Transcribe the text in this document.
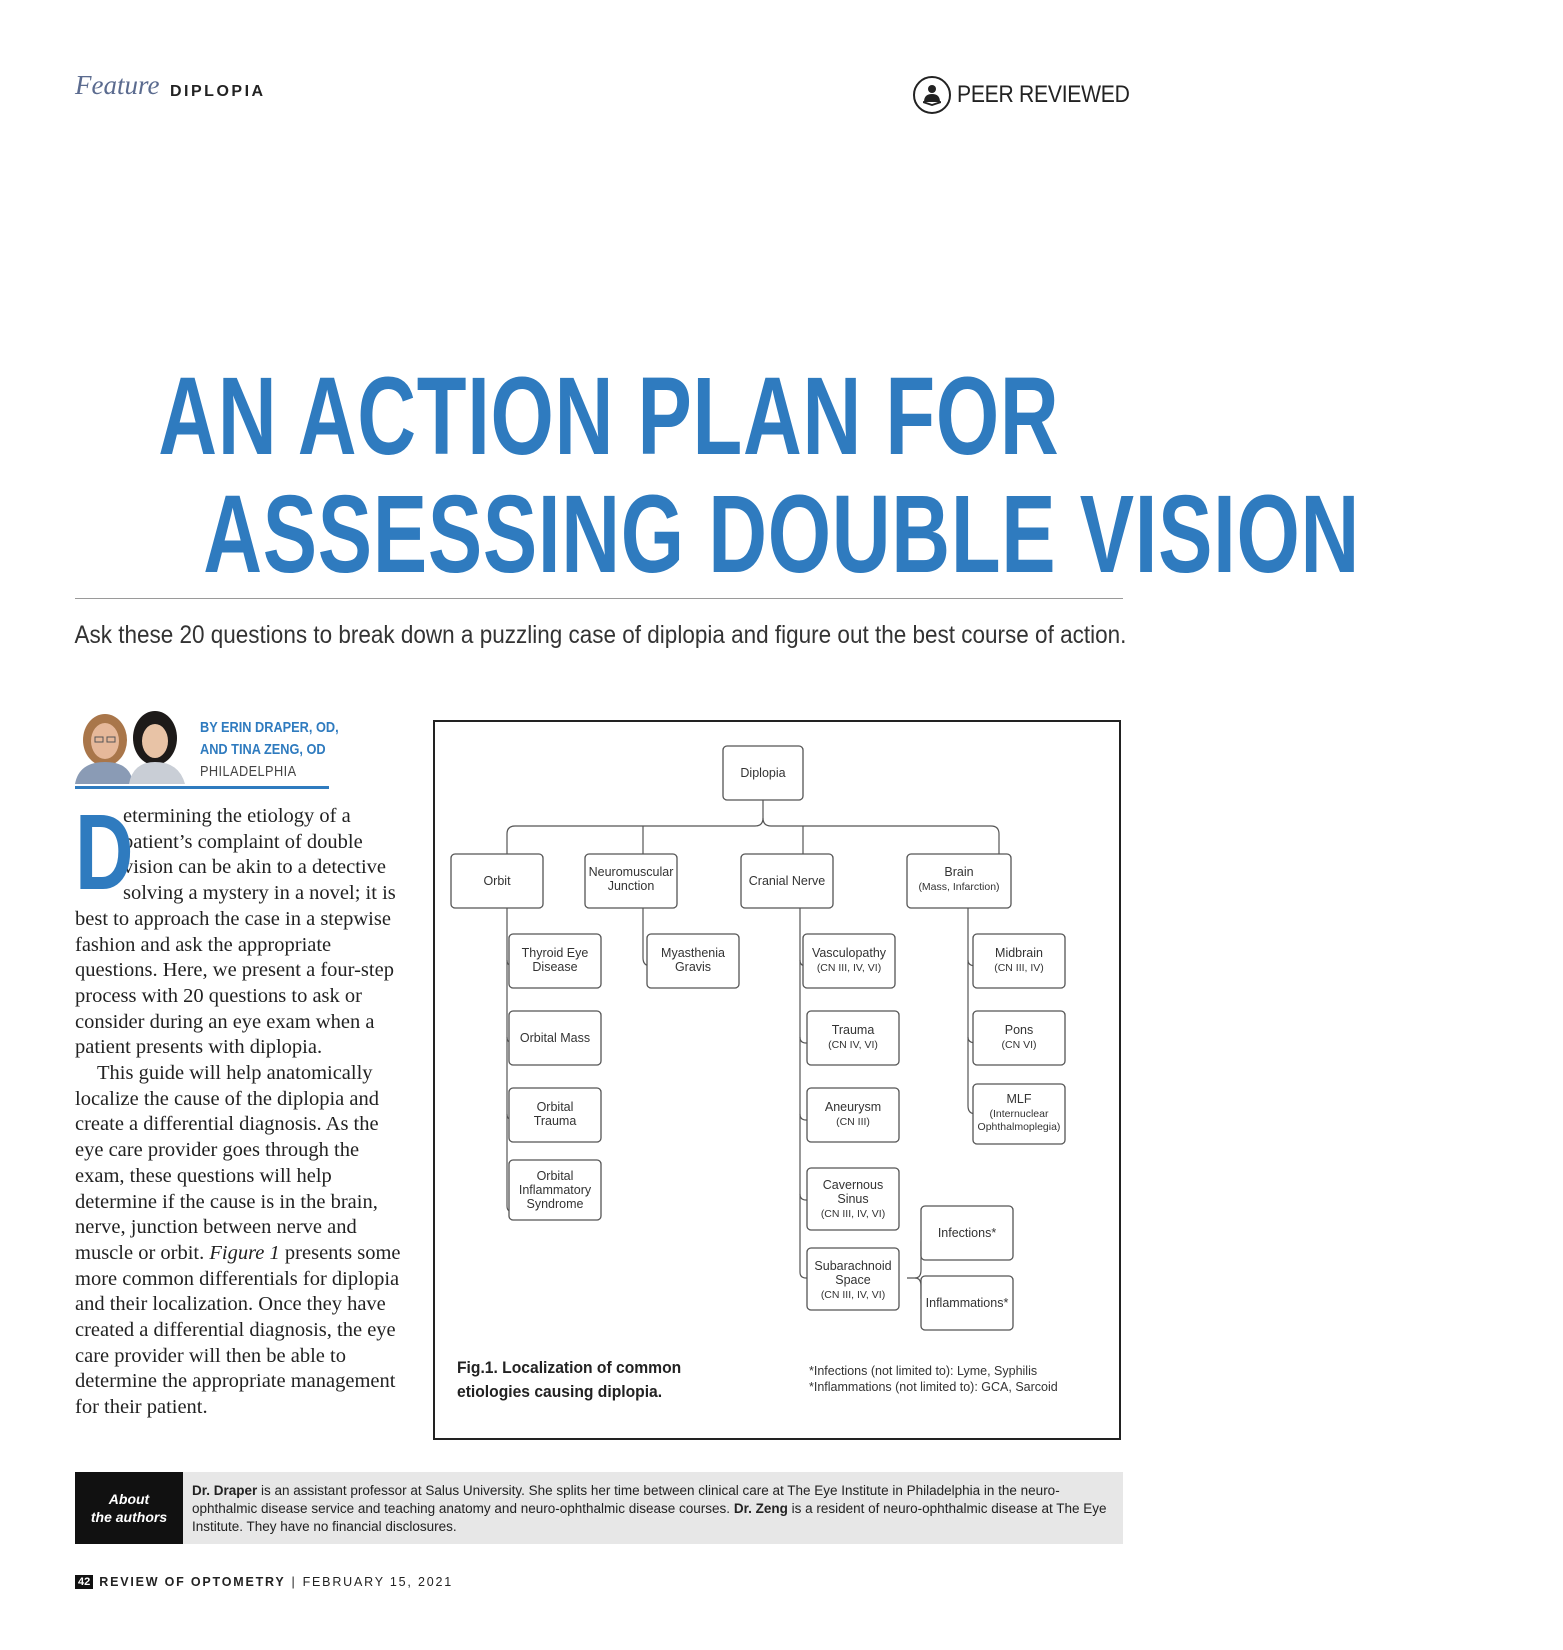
Feature DIPLOPIA	PEER REVIEWED
AN ACTION PLAN FOR
ASSESSING DOUBLE VISION
Ask these 20 questions to break down a puzzling case of diplopia and figure out the best course of action.
BY ERIN DRAPER, OD,
AND TINA ZENG, OD
PHILADELPHIA

D
etermining the etiology of a patient’s complaint of double vision can be akin to a detective solving a mystery in a novel; it is best to approach the case in a stepwise fashion and ask the appropriate questions. Here, we present a four-step process with 20 questions to ask or consider during an eye exam when a patient presents with diplopia.

This guide will help anatomically localize the cause of the diplopia and create a differential diagnosis. As the eye care provider goes through the exam, these questions will help determine if the cause is in the brain, nerve, junction between nerve and muscle or orbit. Figure 1 presents some more common differentials for diplopia and their localization. Once they have created a differential diagnosis, the eye care provider will then be able to determine the appropriate management for their patient.

Diplopia
Orbit
Neuromuscular
Junction	Cranial Nerve
Brain
(Mass, Infarction)
Thyroid Eye
Disease
Orbital Mass
Orbital
Trauma
Orbital
Inflammatory
Syndrome
Myasthenia
Gravis
Vasculopathy
(CN III, IV, VI)
Trauma
(CN IV, VI)
Aneurysm
(CN III)
Cavernous
Sinus
(CN III, IV, VI)
Subarachnoid
Space
(CN III, IV, VI)
Infections*
Inflammations*
Midbrain
(CN III, IV)
Pons
(CN VI)
MLF
(Internuclear
Ophthalmoplegia)
Fig.1. Localization of common
etiologies causing diplopia.
*Infections (not limited to): Lyme, Syphilis
*Inflammations (not limited to): GCA, Sarcoid
About
the authors
Dr. Draper is an assistant professor at Salus University. She splits her time between clinical care at The Eye Institute in Philadelphia in the neuro-ophthalmic disease service and teaching anatomy and neuro-ophthalmic disease courses. Dr. Zeng is a resident of neuro-ophthalmic disease at The Eye Institute. They have no financial disclosures.
42 REVIEW OF OPTOMETRY | FEBRUARY 15, 2021
